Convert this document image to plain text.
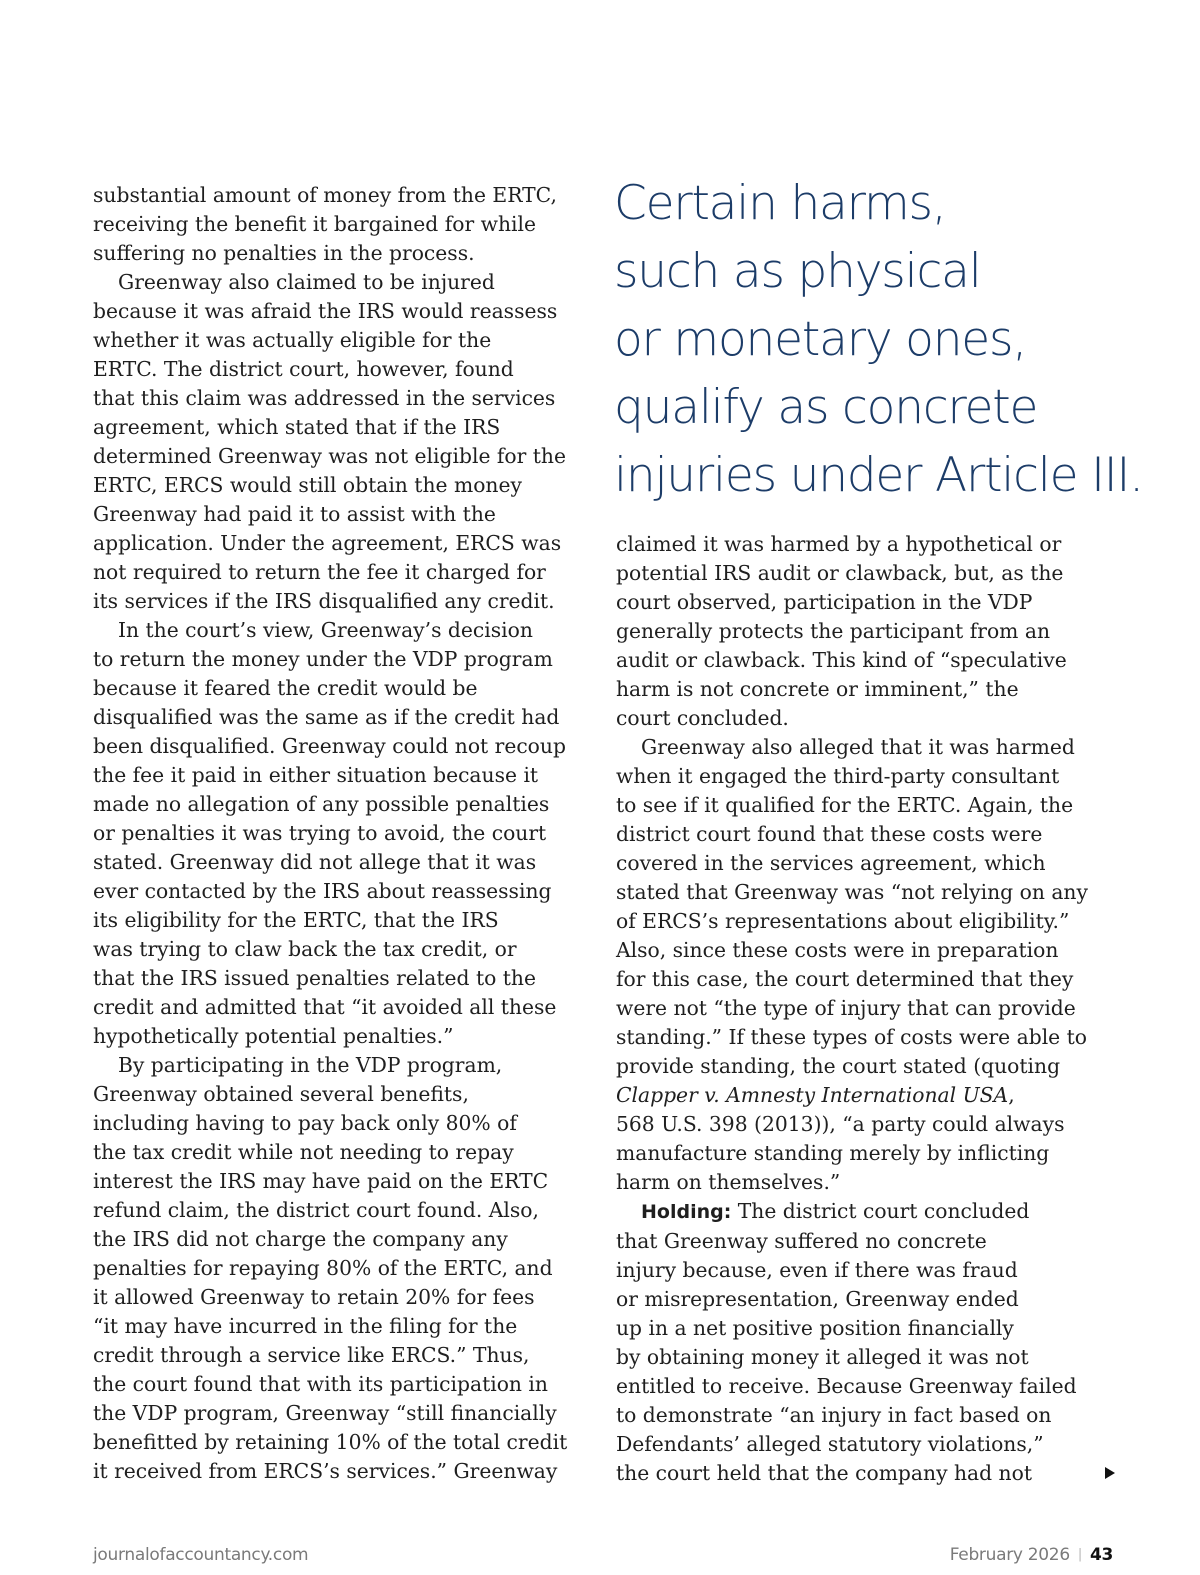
substantial amount of money from the ERTC,
receiving the benefit it bargained for while
suffering no penalties in the process.
Greenway also claimed to be injured
because it was afraid the IRS would reassess
whether it was actually eligible for the
ERTC. The district court, however, found
that this claim was addressed in the services
agreement, which stated that if the IRS
determined Greenway was not eligible for the
ERTC, ERCS would still obtain the money
Greenway had paid it to assist with the
application. Under the agreement, ERCS was
not required to return the fee it charged for
its services if the IRS disqualified any credit.
In the court’s view, Greenway’s decision
to return the money under the VDP program
because it feared the credit would be
disqualified was the same as if the credit had
been disqualified. Greenway could not recoup
the fee it paid in either situation because it
made no allegation of any possible penalties
or penalties it was trying to avoid, the court
stated. Greenway did not allege that it was
ever contacted by the IRS about reassessing
its eligibility for the ERTC, that the IRS
was trying to claw back the tax credit, or
that the IRS issued penalties related to the
credit and admitted that “it avoided all these
hypothetically potential penalties.”
By participating in the VDP program,
Greenway obtained several benefits,
including having to pay back only 80% of
the tax credit while not needing to repay
interest the IRS may have paid on the ERTC
refund claim, the district court found. Also,
the IRS did not charge the company any
penalties for repaying 80% of the ERTC, and
it allowed Greenway to retain 20% for fees
“it may have incurred in the filing for the
credit through a service like ERCS.” Thus,
the court found that with its participation in
the VDP program, Greenway “still financially
benefitted by retaining 10% of the total credit
it received from ERCS’s services.” Greenway
Certain harms,
such as physical
or monetary ones,
qualify as concrete
injuries under Article III.
claimed it was harmed by a hypothetical or
potential IRS audit or clawback, but, as the
court observed, participation in the VDP
generally protects the participant from an
audit or clawback. This kind of “speculative
harm is not concrete or imminent,” the
court concluded.
Greenway also alleged that it was harmed
when it engaged the third-party consultant
to see if it qualified for the ERTC. Again, the
district court found that these costs were
covered in the services agreement, which
stated that Greenway was “not relying on any
of ERCS’s representations about eligibility.”
Also, since these costs were in preparation
for this case, the court determined that they
were not “the type of injury that can provide
standing.” If these types of costs were able to
provide standing, the court stated (quoting
Clapper v. Amnesty International USA,
568 U.S. 398 (2013)), “a party could always
manufacture standing merely by inflicting
harm on themselves.”
Holding: The district court concluded
that Greenway suffered no concrete
injury because, even if there was fraud
or misrepresentation, Greenway ended
up in a net positive position financially
by obtaining money it alleged it was not
entitled to receive. Because Greenway failed
to demonstrate “an injury in fact based on
Defendants’ alleged statutory violations,”
the court held that the company had not
journalofaccountancy.com	February 2026 | 43
